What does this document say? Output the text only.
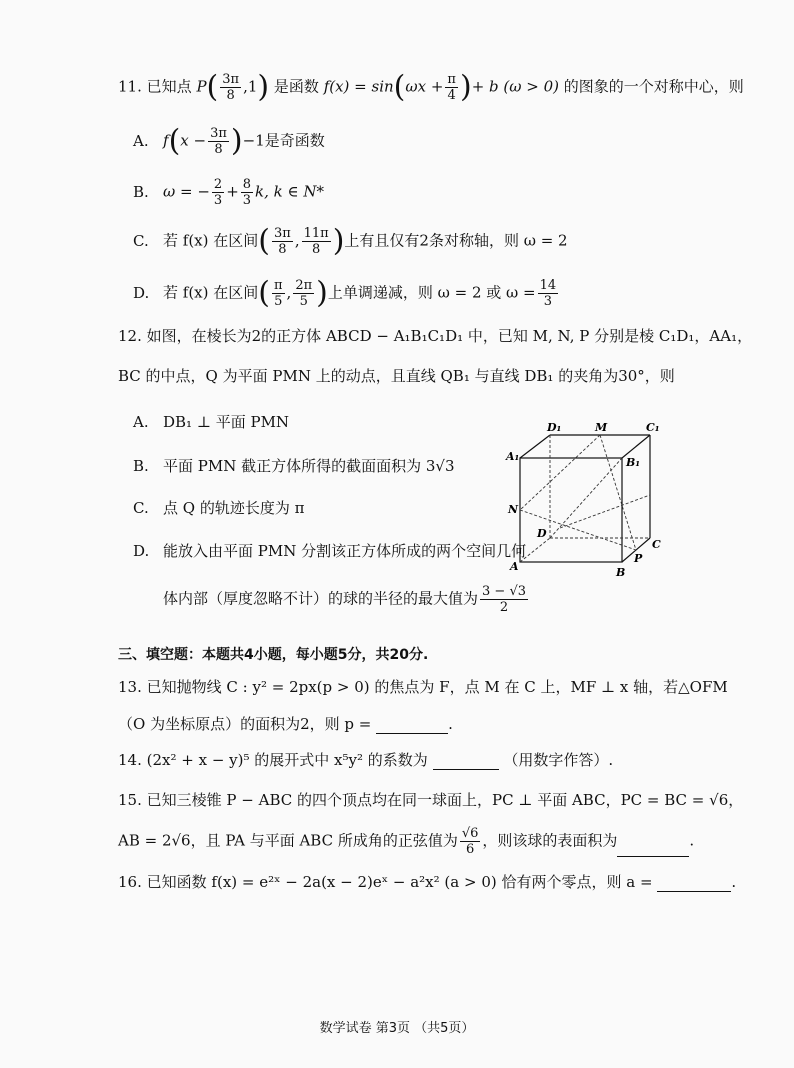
11. 已知点 $P( \frac{3\pi}{8} ,1)$ 是函数 $f(x) = \sin(\omega x + \frac{\pi}{4}$ )+ b (ω > 0) 的图象的一个对称中心，则
A. $f(x - \frac{3\pi}{8} )-1$是奇函数
B. ω = − $\frac{2}{3} + \frac{8}{3} k$, k ∈ N*
C. 若 f(x) 在区间( $\frac{3\pi}{8}$ , $\frac{11\pi}{8}$ )上有且仅有2条对称轴，则 ω = 2
D. 若 f(x) 在区间( $\frac{\pi}{5}$ , $\frac{2\pi}{5}$ )上单调递减，则 ω = 2 或 $\omega = \frac{14}{3}$
12. 如图，在棱长为2的正方体 ABCD − A₁B₁C₁D₁ 中，已知 M, N, P 分别是棱 C₁D₁，AA₁，
BC 的中点，Q 为平面 PMN 上的动点，且直线 QB₁ 与直线 DB₁ 的夹角为30°，则
A. DB₁ ⊥ 平面 PMN
B. 平面 PMN 截正方体所得的截面面积为 3√3
C. 点 Q 的轨迹长度为 π
D. 能放入由平面 PMN 分割该正方体所成的两个空间几何
体内部（厚度忽略不计）的球的半径的最大值为 $\frac{3 - √3}{2}$
D₁	M	C₁
A₁	B₁
N
D
C
P
A	B
三、填空题：本题共4小题，每小题5分，共20分.
13. 已知抛物线 C : y² = 2px(p > 0) 的焦点为 F，点 M 在 C 上，MF ⊥ x 轴，若△OFM
（O 为坐标原点）的面积为2，则 p =	.
14. (2x² + x − y)⁵ 的展开式中 x⁵y² 的系数为	（用数字作答）.
15. 已知三棱锥 P − ABC 的四个顶点均在同一球面上，PC ⊥ 平面 ABC，PC = BC = √6，
AB = 2√6，且 PA 与平面 ABC 所成角的正弦值为 $\frac{√6}{6}$ ，则该球的表面积为	.
16. 已知函数 f(x) = e²ˣ − 2a(x − 2)eˣ − a²x² (a > 0) 恰有两个零点，则 a =	.
数学试卷 第3页 （共5页）
